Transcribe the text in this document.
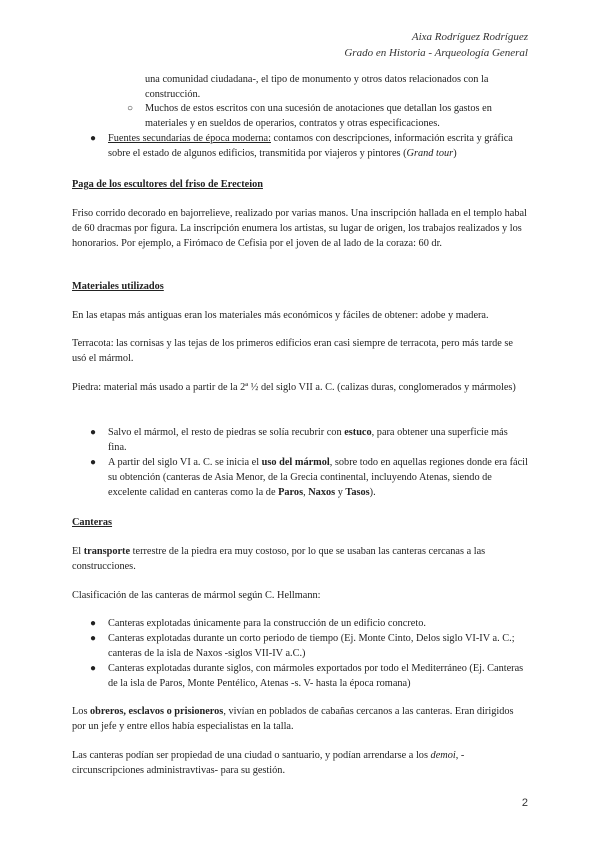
Aixa Rodríguez Rodríguez
Grado en Historia - Arqueología General
una comunidad ciudadana-, el tipo de monumento y otros datos relacionados con la
construcción.
○ Muchos de estos escritos con una sucesión de anotaciones que detallan los gastos en materiales y en sueldos de operarios, contratos y otras especificaciones.
● Fuentes secundarias de época moderna: contamos con descripciones, información escrita y gráfica sobre el estado de algunos edificios, transmitida por viajeros y pintores (Grand tour)
Paga de los escultores del friso de Erecteion
Friso corrido decorado en bajorrelieve, realizado por varias manos. Una inscripción hallada en el templo habal de 60 dracmas por figura. La inscripción enumera los artistas, su lugar de origen, los trabajos realizados y los honorarios. Por ejemplo, a Firómaco de Cefisia por el joven de al lado de la coraza: 60 dr.
Materiales utilizados
En las etapas más antiguas eran los materiales más económicos y fáciles de obtener: adobe y madera.
Terracota: las cornisas y las tejas de los primeros edificios eran casi siempre de terracota, pero más tarde se usó el mármol.
Piedra: material más usado a partir de la 2ª ½ del siglo VII a. C. (calizas duras, conglomerados y mármoles)
● Salvo el mármol, el resto de piedras se solía recubrir con estuco, para obtener una superficie más fina.
● A partir del siglo VI a. C. se inicia el uso del mármol, sobre todo en aquellas regiones donde era fácil su obtención (canteras de Asia Menor, de la Grecia continental, incluyendo Atenas, siendo de excelente calidad en canteras como la de Paros, Naxos y Tasos).
Canteras
El transporte terrestre de la piedra era muy costoso, por lo que se usaban las canteras cercanas a las construcciones.
Clasificación de las canteras de mármol según C. Hellmann:
● Canteras explotadas únicamente para la construcción de un edificio concreto.
● Canteras explotadas durante un corto periodo de tiempo (Ej. Monte Cinto, Delos siglo VI-IV a. C.; canteras de la isla de Naxos -siglos VII-IV a.C.)
● Canteras explotadas durante siglos, con mármoles exportados por todo el Mediterráneo (Ej. Canteras de la isla de Paros, Monte Pentélico, Atenas -s. V- hasta la época romana)
Los obreros, esclavos o prisioneros, vivían en poblados de cabañas cercanos a las canteras. Eran dirigidos por un jefe y entre ellos había especialistas en la talla.
Las canteras podían ser propiedad de una ciudad o santuario, y podían arrendarse a los demoi, -circunscripciones administravtivas- para su gestión.
2
